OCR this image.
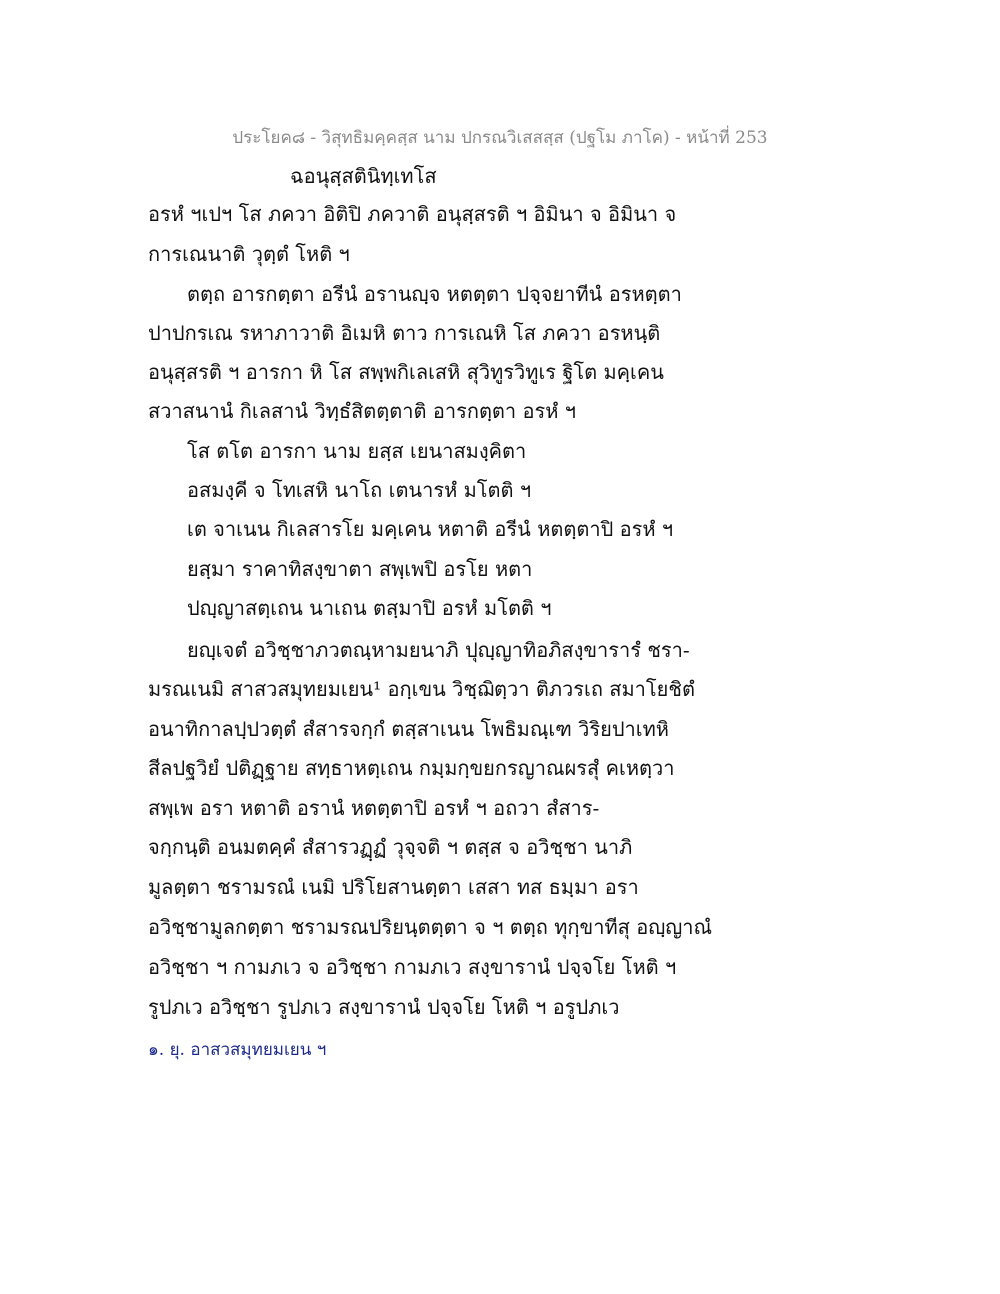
ประโยค๘ - วิสุทธิมคฺคสฺส นาม ปกรณวิเสสสฺส (ปฐโม ภาโค) - หน้าที่ 253
ฉอนุสฺสตินิทฺเทโส
อรหํ ฯเปฯ โส ภควา อิติปิ ภควาติ อนุสฺสรติ ฯ อิมินา จ อิมินา จ
การเณนาติ วุตฺตํ โหติ ฯ
ตตฺถ อารกตฺตา อรีนํ อรานญฺจ หตตฺตา ปจฺจยาทีนํ อรหตฺตา
ปาปกรเณ รหาภาวาติ อิเมหิ ตาว การเณหิ โส ภควา อรหนฺติ
อนุสฺสรติ ฯ อารกา หิ โส สพฺพกิเลเสหิ สุวิทูรวิทูเร ฐิโต มคฺเคน
สวาสนานํ กิเลสานํ วิทฺธํสิตตฺตาติ อารกตฺตา อรหํ ฯ
โส ตโต อารกา นาม ยสฺส เยนาสมงฺคิตา
อสมงฺคี จ โทเสหิ นาโถ เตนารหํ มโตติ ฯ
เต จาเนน กิเลสารโย มคฺเคน หตาติ อรีนํ หตตฺตาปิ อรหํ ฯ
ยสฺมา ราคาทิสงฺขาตา สพฺเพปิ อรโย หตา
ปญฺญาสตฺเถน นาเถน ตสฺมาปิ อรหํ มโตติ ฯ
ยญฺเจตํ อวิชฺชาภวตณฺหามยนาภิ ปุญฺญาทิอภิสงฺขารารํ ชรา-
มรณเนมิ สาสวสมุทยมเยน¹ อกฺเขน วิชฺฌิตฺวา ติภวรเถ สมาโยชิตํ
อนาทิกาลปฺปวตฺตํ สํสารจกฺกํ ตสฺสาเนน โพธิมณฺเฑ วิริยปาเทหิ
สีลปฐวิยํ ปติฏฺฐาย สทฺธาหตฺเถน กมฺมกฺขยกรญาณผรสุํ คเหตฺวา
สพฺเพ อรา หตาติ อรานํ หตตฺตาปิ อรหํ ฯ อถวา สํสาร-
จกฺกนฺติ อนมตคฺคํ สํสารวฏฺฏํ วุจฺจติ ฯ ตสฺส จ อวิชฺชา นาภิ
มูลตฺตา ชรามรณํ เนมิ ปริโยสานตฺตา เสสา ทส ธมฺมา อรา
อวิชฺชามูลกตฺตา ชรามรณปริยนฺตตฺตา จ ฯ ตตฺถ ทุกฺขาทีสุ อญฺญาณํ
อวิชฺชา ฯ กามภเว จ อวิชฺชา กามภเว สงฺขารานํ ปจฺจโย โหติ ฯ
รูปภเว อวิชฺชา รูปภเว สงฺขารานํ ปจฺจโย โหติ ฯ อรูปภเว
๑. ยุ. อาสวสมุทยมเยน ฯ
